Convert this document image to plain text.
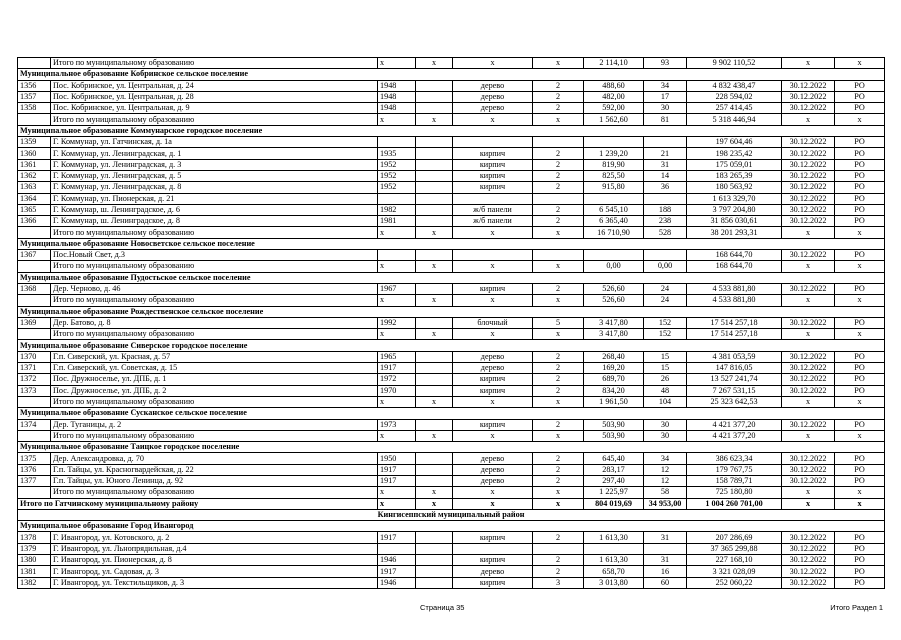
	Итого по муниципальному образованию	x	x	x	x	2 114,10	93	9 902 110,52	x	x
Муниципальное образование Кобринское сельское поселение										
1356	Пос. Кобринское, ул. Центральная, д. 24	1948		дерево	2	488,60	34	4 832 438,47	30.12.2022	РО
1357	Пос. Кобринское, ул. Центральная, д. 28	1948		дерево	2	482,00	17	228 594,02	30.12.2022	РО
1358	Пос. Кобринское, ул. Центральная, д. 9	1948		дерево	2	592,00	30	257 414,45	30.12.2022	РО
	Итого по муниципальному образованию	x	x	x	x	1 562,60	81	5 318 446,94	x	x
Муниципальное образование Коммунарское городское поселение										
1359	Г. Коммунар, ул. Гатчинская, д. 1а							197 604,46	30.12.2022	РО
1360	Г. Коммунар, ул. Ленинградская, д. 1	1935		кирпич	2	1 239,20	21	198 235,42	30.12.2022	РО
1361	Г. Коммунар, ул. Ленинградская, д. 3	1952		кирпич	2	819,90	31	175 059,01	30.12.2022	РО
1362	Г. Коммунар, ул. Ленинградская, д. 5	1952		кирпич	2	825,50	14	183 265,39	30.12.2022	РО
1363	Г. Коммунар, ул. Ленинградская, д. 8	1952		кирпич	2	915,80	36	180 563,92	30.12.2022	РО
1364	Г. Коммунар, ул. Пионерская, д. 21							1 613 329,70	30.12.2022	РО
1365	Г. Коммунар, ш. Ленинградское, д. 6	1982		ж/б панели	2	6 545,10	188	3 797 204,80	30.12.2022	РО
1366	Г. Коммунар, ш. Ленинградское, д. 8	1981		ж/б панели	2	6 365,40	238	31 856 030,61	30.12.2022	РО
	Итого по муниципальному образованию	x	x	x	x	16 710,90	528	38 201 293,31	x	x
Муниципальное образование Новосветское сельское поселение										
1367	Пос.Новый Свет, д.3							168 644,70	30.12.2022	РО
	Итого по муниципальному образованию	x	x	x	x	0,00	0,00	168 644,70	x	x
Муниципальное образование Пудостьское сельское поселение										
1368	Дер. Черново, д. 46	1967		кирпич	2	526,60	24	4 533 881,80	30.12.2022	РО
	Итого по муниципальному образованию	x	x	x	x	526,60	24	4 533 881,80	x	x
Муниципальное образование Рождественское сельское поселение										
1369	Дер. Батово, д. 8	1992		блочный	5	3 417,80	152	17 514 257,18	30.12.2022	РО
	Итого по муниципальному образованию	x	x	x	x	3 417,80	152	17 514 257,18	x	x
Муниципальное образование Сиверское городское поселение										
1370	Г.п. Сиверский, ул. Красная, д. 57	1965		дерево	2	268,40	15	4 381 053,59	30.12.2022	РО
1371	Г.п. Сиверский, ул. Советская, д. 15	1917		дерево	2	169,20	15	147 816,05	30.12.2022	РО
1372	Пос. Дружноселье, ул. ДПБ, д. 1	1972		кирпич	2	689,70	26	13 527 241,74	30.12.2022	РО
1373	Пос. Дружноселье, ул. ДПБ, д. 2	1970		кирпич	2	834,20	48	7 267 531,15	30.12.2022	РО
	Итого по муниципальному образованию	x	x	x	x	1 961,50	104	25 323 642,53	x	x
Муниципальное образование Сусканское сельское поселение										
1374	Дер. Туганицы, д. 2	1973		кирпич	2	503,90	30	4 421 377,20	30.12.2022	РО
	Итого по муниципальному образованию	x	x	x	x	503,90	30	4 421 377,20	x	x
Муниципальное образование Таицкое городское поселение										
1375	Дер. Александровка, д. 70	1950		дерево	2	645,40	34	386 623,34	30.12.2022	РО
1376	Г.п. Тайцы, ул. Красногвардейская, д. 22	1917		дерево	2	283,17	12	179 767,75	30.12.2022	РО
1377	Г.п. Тайцы, ул. Юного Ленинца, д. 92	1917		дерево	2	297,40	12	158 789,71	30.12.2022	РО
	Итого по муниципальному образованию	x	x	x	x	1 225,97	58	725 180,80	x	x
Итого по Гатчинскому муниципальному району		x	x	x	x	804 019,69	34 953,00	1 004 260 701,00	x	x
Кингисеппский муниципальный район										
Муниципальное образование Город Ивангород										
1378	Г. Ивангород, ул. Котовского, д. 2	1917		кирпич	2	1 613,30	31	207 286,69	30.12.2022	РО
1379	Г. Ивангород, ул. Льнопрядильная, д.4							37 365 299,88	30.12.2022	РО
1380	Г. Ивангород, ул. Пионерская, д. 8	1946		кирпич	2	1 613,30	31	227 168,10	30.12.2022	РО
1381	Г. Ивангород, ул. Садовая, д. 3	1917		дерево	2	658,70	16	3 321 028,09	30.12.2022	РО
1382	Г. Ивангород, ул. Текстильщиков, д. 3	1946		кирпич	3	3 013,80	60	252 060,22	30.12.2022	РО
Страница 35	Итого Раздел 1
